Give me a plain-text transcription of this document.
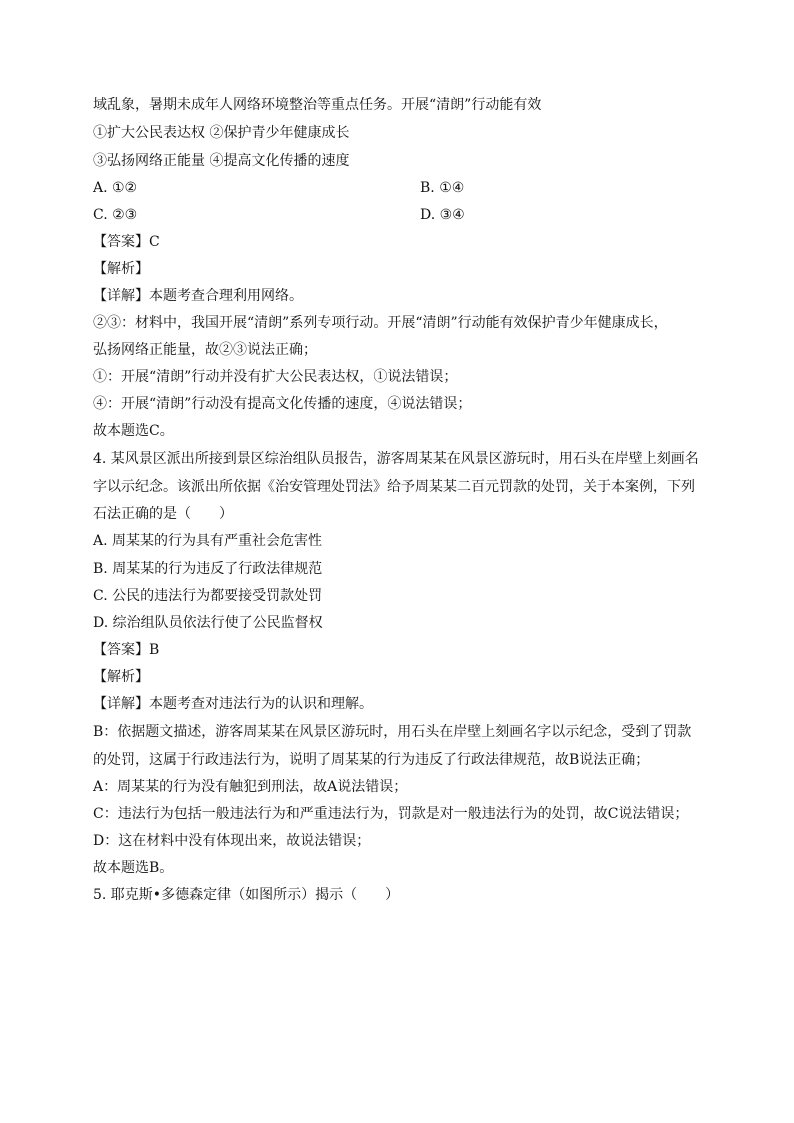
域乱象，暑期未成年人网络环境整治等重点任务。开展“清朗”行动能有效
①扩大公民表达权 ②保护青少年健康成长
③弘扬网络正能量 ④提高文化传播的速度
A. ①②	B. ①④
C. ②③	D. ③④
【答案】C
【解析】
【详解】本题考查合理利用网络。
②③：材料中，我国开展“清朗”系列专项行动。开展“清朗”行动能有效保护青少年健康成长，
弘扬网络正能量，故②③说法正确；
①：开展“清朗”行动并没有扩大公民表达权，①说法错误；
④：开展“清朗”行动没有提高文化传播的速度，④说法错误；
故本题选C。
4. 某风景区派出所接到景区综治组队员报告，游客周某某在风景区游玩时，用石头在岸壁上刻画名
字以示纪念。该派出所依据《治安管理处罚法》给予周某某二百元罚款的处罚，关于本案例，下列
石法正确的是（　　）
A. 周某某的行为具有严重社会危害性
B. 周某某的行为违反了行政法律规范
C. 公民的违法行为都要接受罚款处罚
D. 综治组队员依法行使了公民监督权
【答案】B
【解析】
【详解】本题考查对违法行为的认识和理解。
B：依据题文描述，游客周某某在风景区游玩时，用石头在岸壁上刻画名字以示纪念，受到了罚款
的处罚，这属于行政违法行为，说明了周某某的行为违反了行政法律规范，故B说法正确；
A：周某某的行为没有触犯到刑法，故A说法错误；
C：违法行为包括一般违法行为和严重违法行为，罚款是对一般违法行为的处罚，故C说法错误；
D：这在材料中没有体现出来，故说法错误；
故本题选B。
5. 耶克斯•多德森定律（如图所示）揭示（　　）
